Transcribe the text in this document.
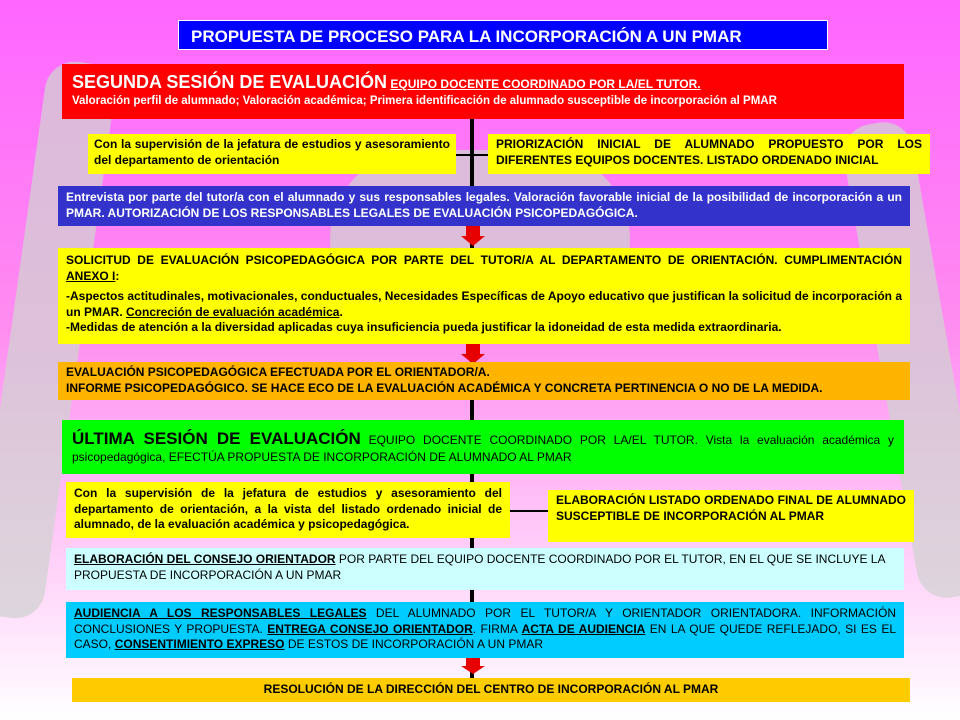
PROPUESTA DE PROCESO PARA LA INCORPORACIÓN A UN PMAR
SEGUNDA SESIÓN DE EVALUACIÓN EQUIPO DOCENTE COORDINADO POR LA/EL TUTOR.
Valoración perfil de alumnado; Valoración académica; Primera identificación de alumnado susceptible de incorporación al PMAR
Con la supervisión de la jefatura de estudios y asesoramiento del departamento de orientación
PRIORIZACIÓN INICIAL DE ALUMNADO PROPUESTO POR LOS DIFERENTES EQUIPOS DOCENTES. LISTADO ORDENADO INICIAL
Entrevista por parte del tutor/a con el alumnado y sus responsables legales. Valoración favorable inicial de la posibilidad de incorporación a un PMAR. AUTORIZACIÓN DE LOS RESPONSABLES LEGALES DE EVALUACIÓN PSICOPEDAGÓGICA.
SOLICITUD DE EVALUACIÓN PSICOPEDAGÓGICA POR PARTE DEL TUTOR/A AL DEPARTAMENTO DE ORIENTACIÓN. CUMPLIMENTACIÓN ANEXO I:
-Aspectos actitudinales, motivacionales, conductuales, Necesidades Específicas de Apoyo educativo que justifican la solicitud de incorporación a un PMAR. Concreción de evaluación académica.
-Medidas de atención a la diversidad aplicadas cuya insuficiencia pueda justificar la idoneidad de esta medida extraordinaria.
EVALUACIÓN PSICOPEDAGÓGICA EFECTUADA POR EL ORIENTADOR/A.
INFORME PSICOPEDAGÓGICO. SE HACE ECO DE LA EVALUACIÓN ACADÉMICA Y CONCRETA PERTINENCIA O NO DE LA MEDIDA.
ÚLTIMA SESIÓN DE EVALUACIÓN EQUIPO DOCENTE COORDINADO POR LA/EL TUTOR. Vista la evaluación académica y psicopedagógica, EFECTÚA PROPUESTA DE INCORPORACIÓN DE ALUMNADO AL PMAR
Con la supervisión de la jefatura de estudios y asesoramiento del departamento de orientación, a la vista del listado ordenado inicial de alumnado, de la evaluación académica y psicopedagógica.
ELABORACIÓN LISTADO ORDENADO FINAL DE ALUMNADO SUSCEPTIBLE DE INCORPORACIÓN AL PMAR
ELABORACIÓN DEL CONSEJO ORIENTADOR POR PARTE DEL EQUIPO DOCENTE COORDINADO POR EL TUTOR, EN EL QUE SE INCLUYE LA PROPUESTA DE INCORPORACIÓN A UN PMAR
AUDIENCIA A LOS RESPONSABLES LEGALES DEL ALUMNADO POR EL TUTOR/A Y ORIENTADOR ORIENTADORA. INFORMACIÓN CONCLUSIONES Y PROPUESTA. ENTREGA CONSEJO ORIENTADOR. FIRMA ACTA DE AUDIENCIA EN LA QUE QUEDE REFLEJADO, SI ES EL CASO, CONSENTIMIENTO EXPRESO DE ESTOS DE INCORPORACIÓN A UN PMAR
RESOLUCIÓN DE LA DIRECCIÓN DEL CENTRO DE INCORPORACIÓN AL PMAR
